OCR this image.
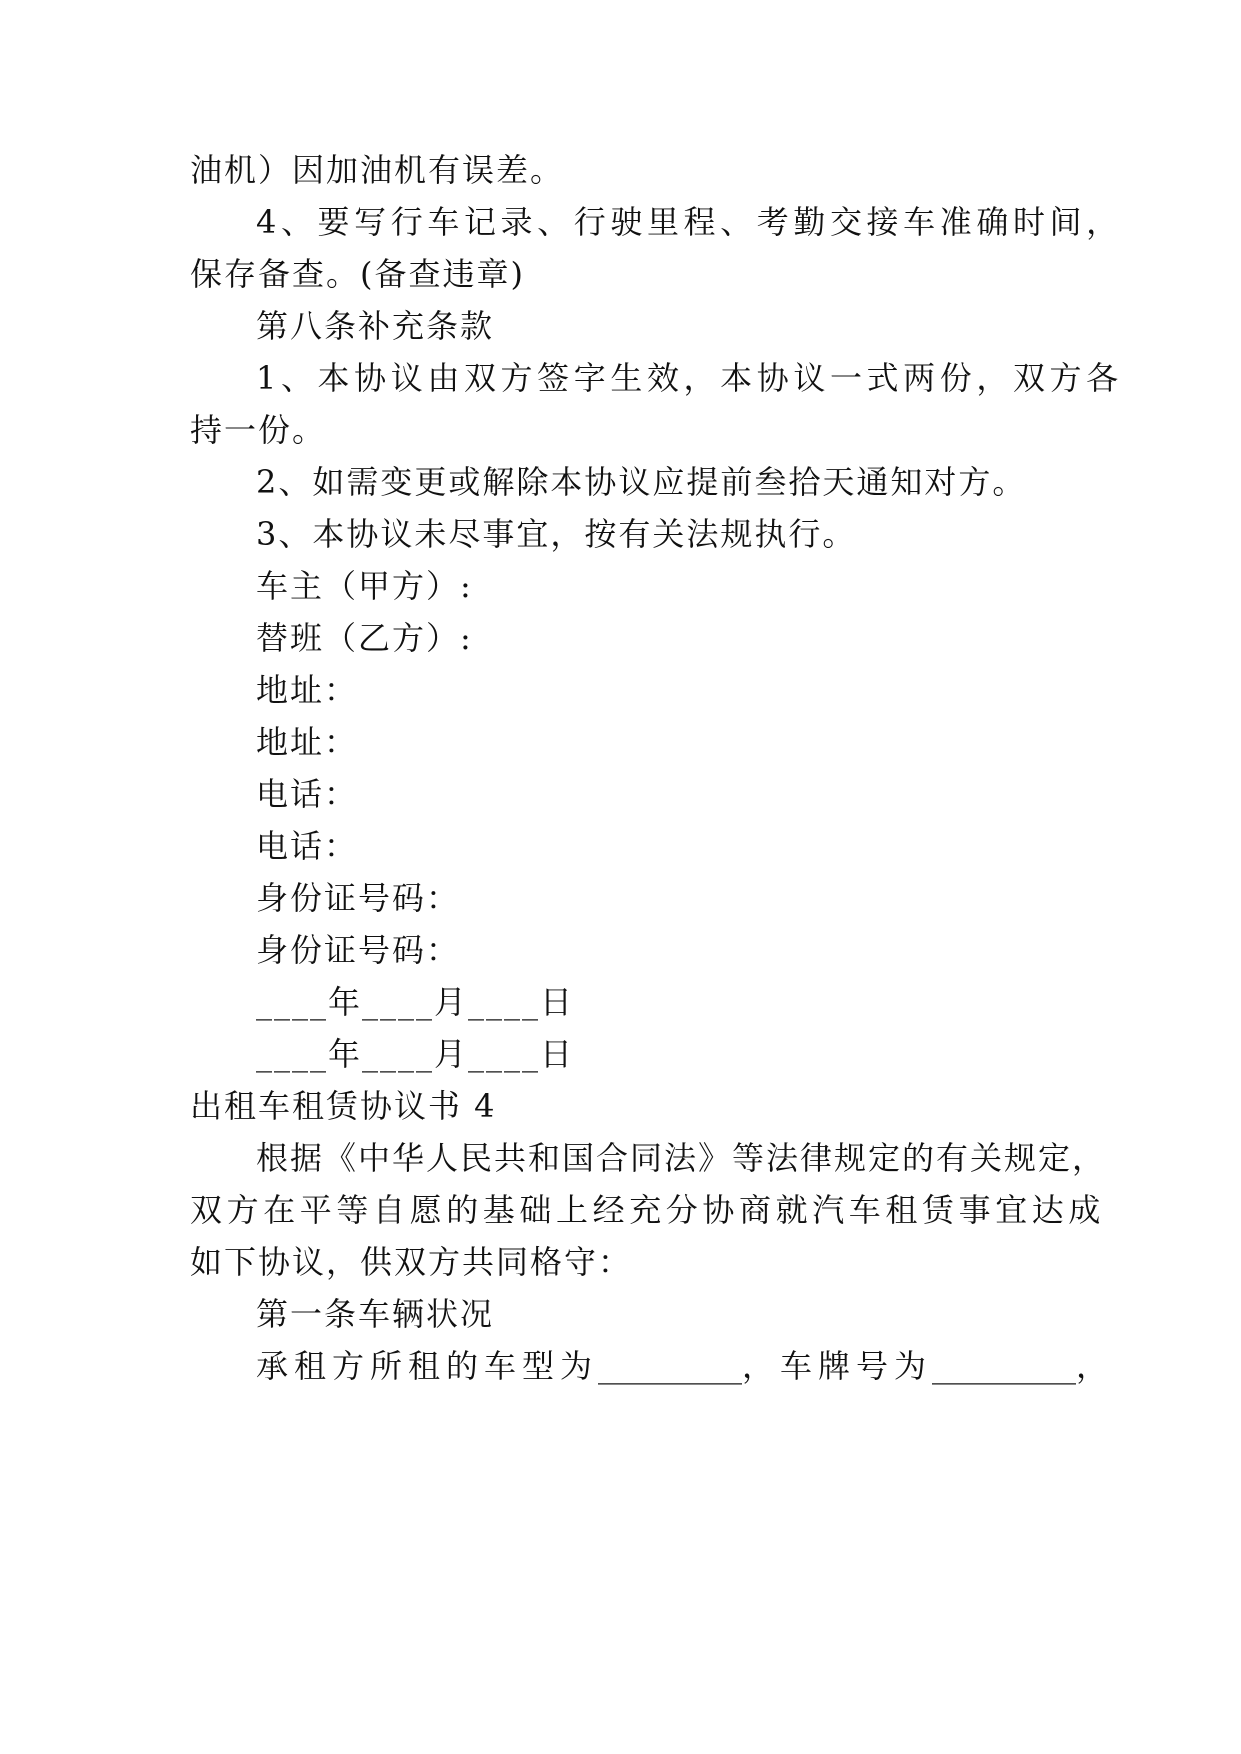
油机）因加油机有误差。
4、要写行车记录、行驶里程、考勤交接车准确时间，
保存备查。(备查违章)
第八条补充条款
1、本协议由双方签字生效，本协议一式两份，双方各
持一份。
2、如需变更或解除本协议应提前叁拾天通知对方。
3、本协议未尽事宜，按有关法规执行。
车主（甲方）:
替班（乙方）:
地址：
地址：
电话：
电话：
身份证号码：
身份证号码：
____年____月____日
____年____月____日
出租车租赁协议书 4
根据《中华人民共和国合同法》等法律规定的有关规定，
双方在平等自愿的基础上经充分协商就汽车租赁事宜达成
如下协议，供双方共同格守：
第一条车辆状况
承租方所租的车型为_________，车牌号为_________，
